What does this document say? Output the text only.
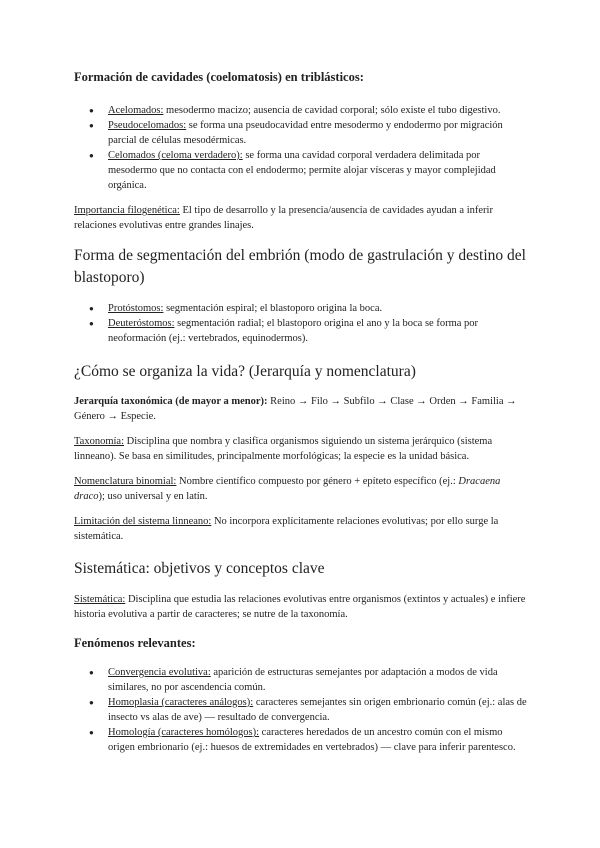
Formación de cavidades (coelomatosis) en triblásticos:

● Acelomados: mesodermo macizo; ausencia de cavidad corporal; sólo existe el tubo digestivo.
● Pseudocelomados: se forma una pseudocavidad entre mesodermo y endodermo por migración parcial de células mesodérmicas.
● Celomados (celoma verdadero): se forma una cavidad corporal verdadera delimitada por mesodermo que no contacta con el endodermo; permite alojar vísceras y mayor complejidad orgánica.

Importancia filogenética: El tipo de desarrollo y la presencia/ausencia de cavidades ayudan a inferir relaciones evolutivas entre grandes linajes.

Forma de segmentación del embrión (modo de gastrulación y destino del blastoporo)

● Protóstomos: segmentación espiral; el blastoporo origina la boca.
● Deuteróstomos: segmentación radial; el blastoporo origina el ano y la boca se forma por neoformación (ej.: vertebrados, equinodermos).

¿Cómo se organiza la vida? (Jerarquía y nomenclatura)

Jerarquía taxonómica (de mayor a menor): Reino → Filo → Subfilo → Clase → Orden → Familia → Género → Especie.

Taxonomía: Disciplina que nombra y clasifica organismos siguiendo un sistema jerárquico (sistema linneano). Se basa en similitudes, principalmente morfológicas; la especie es la unidad básica.

Nomenclatura binomial: Nombre científico compuesto por género + epíteto específico (ej.: Dracaena draco); uso universal y en latín.

Limitación del sistema linneano: No incorpora explícitamente relaciones evolutivas; por ello surge la sistemática.

Sistemática: objetivos y conceptos clave

Sistemática: Disciplina que estudia las relaciones evolutivas entre organismos (extintos y actuales) e infiere historia evolutiva a partir de caracteres; se nutre de la taxonomía.

Fenómenos relevantes:

● Convergencia evolutiva: aparición de estructuras semejantes por adaptación a modos de vida similares, no por ascendencia común.
● Homoplasia (caracteres análogos): caracteres semejantes sin origen embrionario común (ej.: alas de insecto vs alas de ave) — resultado de convergencia.
● Homología (caracteres homólogos): caracteres heredados de un ancestro común con el mismo origen embrionario (ej.: huesos de extremidades en vertebrados) — clave para inferir parentesco.
